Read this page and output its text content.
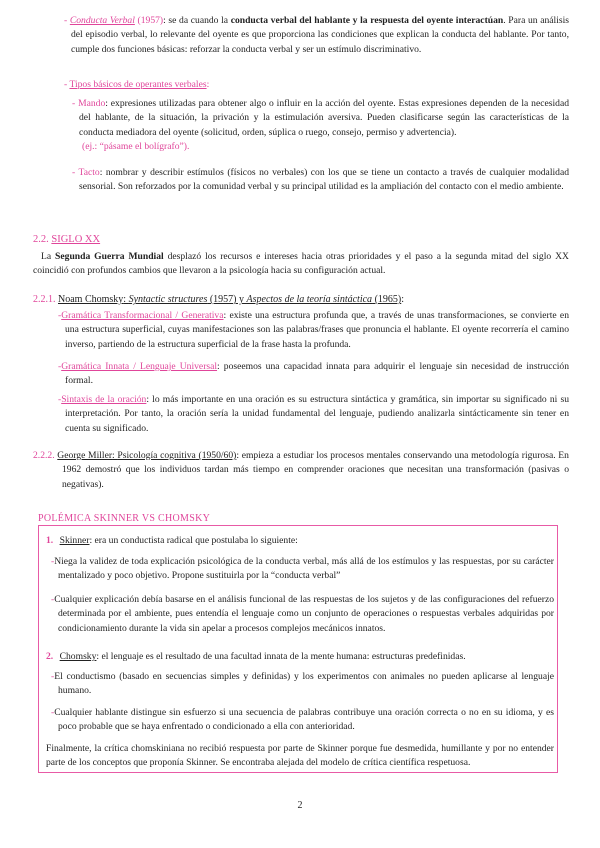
- Conducta Verbal (1957): se da cuando la conducta verbal del hablante y la respuesta del oyente interactúan. Para un análisis del episodio verbal, lo relevante del oyente es que proporciona las condiciones que explican la conducta del hablante. Por tanto, cumple dos funciones básicas: reforzar la conducta verbal y ser un estímulo discriminativo.

- Tipos básicos de operantes verbales:

- Mando: expresiones utilizadas para obtener algo o influir en la acción del oyente. Estas expresiones dependen de la necesidad del hablante, de la situación, la privación y la estimulación aversiva. Pueden clasificarse según las características de la conducta mediadora del oyente (solicitud, orden, súplica o ruego, consejo, permiso y advertencia).

(ej.: “pásame el bolígrafo”).

- Tacto: nombrar y describir estímulos (físicos no verbales) con los que se tiene un contacto a través de cualquier modalidad sensorial. Son reforzados por la comunidad verbal y su principal utilidad es la ampliación del contacto con el medio ambiente.

2.2. SIGLO XX

La Segunda Guerra Mundial desplazó los recursos e intereses hacia otras prioridades y el paso a la segunda mitad del siglo XX coincidió con profundos cambios que llevaron a la psicología hacia su configuración actual.

2.2.1. Noam Chomsky: Syntactic structures (1957) y Aspectos de la teoría sintáctica (1965):

-Gramática Transformacional / Generativa: existe una estructura profunda que, a través de unas transformaciones, se convierte en una estructura superficial, cuyas manifestaciones son las palabras/frases que pronuncia el hablante. El oyente recorrería el camino inverso, partiendo de la estructura superficial de la frase hasta la profunda.

-Gramática Innata / Lenguaje Universal: poseemos una capacidad innata para adquirir el lenguaje sin necesidad de instrucción formal.

-Sintaxis de la oración: lo más importante en una oración es su estructura sintáctica y gramática, sin importar su significado ni su interpretación. Por tanto, la oración sería la unidad fundamental del lenguaje, pudiendo analizarla sintácticamente sin tener en cuenta su significado.

2.2.2. George Miller: Psicología cognitiva (1950/60): empieza a estudiar los procesos mentales conservando una metodología rigurosa. En 1962 demostró que los individuos tardan más tiempo en comprender oraciones que necesitan una transformación (pasivas o negativas).

POLÉMICA SKINNER VS CHOMSKY
1. Skinner: era un conductista radical que postulaba lo siguiente:

-Niega la validez de toda explicación psicológica de la conducta verbal, más allá de los estímulos y las respuestas, por su carácter mentalizado y poco objetivo. Propone sustituirla por la “conducta verbal”

-Cualquier explicación debía basarse en el análisis funcional de las respuestas de los sujetos y de las configuraciones del refuerzo determinada por el ambiente, pues entendía el lenguaje como un conjunto de operaciones o respuestas verbales adquiridas por condicionamiento durante la vida sin apelar a procesos complejos mecánicos innatos.

2. Chomsky: el lenguaje es el resultado de una facultad innata de la mente humana: estructuras predefinidas.

-El conductismo (basado en secuencias simples y definidas) y los experimentos con animales no pueden aplicarse al lenguaje humano.

-Cualquier hablante distingue sin esfuerzo si una secuencia de palabras contribuye una oración correcta o no en su idioma, y es poco probable que se haya enfrentado o condicionado a ella con anterioridad.

Finalmente, la crítica chomskiniana no recibió respuesta por parte de Skinner porque fue desmedida, humillante y por no entender parte de los conceptos que proponía Skinner. Se encontraba alejada del modelo de crítica científica respetuosa.
2
